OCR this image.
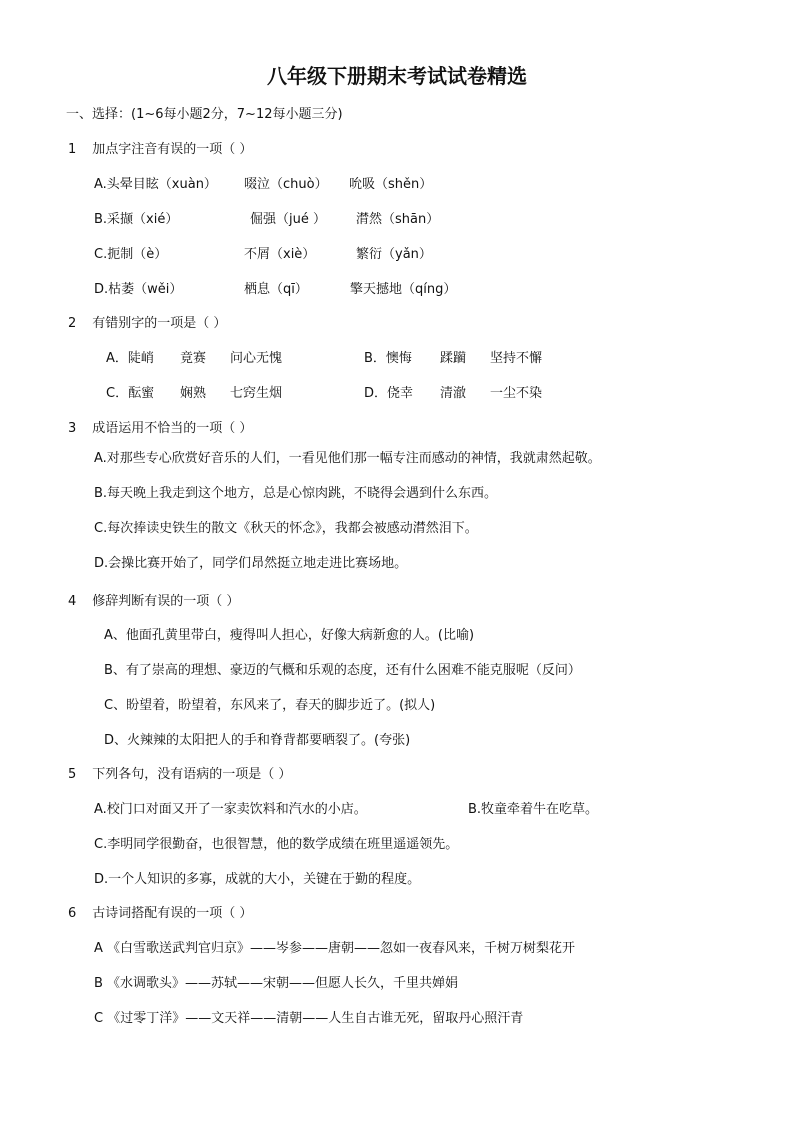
八年级下册期末考试试卷精选
一、选择：(1~6每小题2分，7~12每小题三分)
1 加点字注音有误的一项（ ）
A.头晕目眩（xuàn） 啜泣（chuò） 吮吸（shěn）
B.采撷（xié）	倔强（jué ） 潸然（shān）
C.扼制（è）	不屑（xiè）	繁衍（yǎn）
D.枯萎（wěi）	栖息（qī）	擎天撼地（qíng）
2 有错别字的一项是（ ）
A．陡峭 竟赛 问心无愧	B．懊悔 蹂躏 坚持不懈
C．酝蜜 娴熟 七窍生烟	D．侥幸 清澈 一尘不染
3 成语运用不恰当的一项（ ）
A.对那些专心欣赏好音乐的人们，一看见他们那一幅专注而感动的神情，我就肃然起敬。
B.每天晚上我走到这个地方，总是心惊肉跳，不晓得会遇到什么东西。
C.每次捧读史铁生的散文《秋天的怀念》，我都会被感动潸然泪下。
D.会操比赛开始了，同学们昂然挺立地走进比赛场地。
4 修辞判断有误的一项（ ）
A、他面孔黄里带白，瘦得叫人担心，好像大病新愈的人。(比喻)
B、有了崇高的理想、豪迈的气概和乐观的态度，还有什么困难不能克服呢（反问）
C、盼望着，盼望着，东风来了，春天的脚步近了。(拟人)
D、火辣辣的太阳把人的手和脊背都要晒裂了。(夸张)
5 下列各句，没有语病的一项是（ ）
A.校门口对面又开了一家卖饮料和汽水的小店。	B.牧童牵着牛在吃草。
C.李明同学很勤奋，也很智慧，他的数学成绩在班里遥遥领先。
D.一个人知识的多寡，成就的大小，关键在于勤的程度。
6 古诗词搭配有误的一项（ ）
A 《白雪歌送武判官归京》——岑参——唐朝——忽如一夜春风来，千树万树梨花开
B 《水调歌头》——苏轼——宋朝——但愿人长久，千里共婵娟
C 《过零丁洋》——文天祥——清朝——人生自古谁无死，留取丹心照汗青
